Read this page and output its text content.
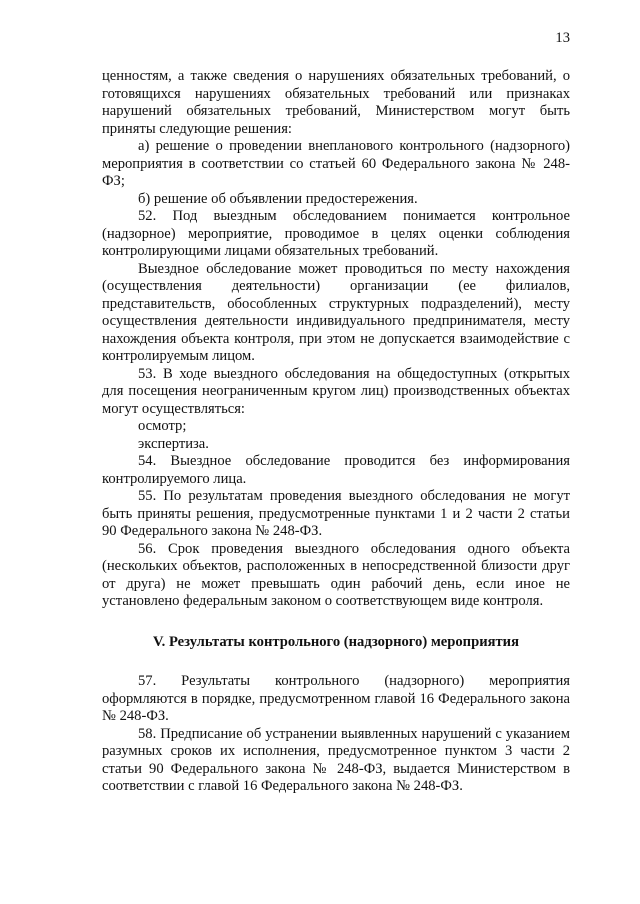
13

ценностям, а также сведения о нарушениях обязательных требований, о готовящихся нарушениях обязательных требований или признаках нарушений обязательных требований, Министерством могут быть приняты следующие решения:

а) решение о проведении внепланового контрольного (надзорного) мероприятия в соответствии со статьей 60 Федерального закона № 248-ФЗ;

б) решение об объявлении предостережения.

52. Под выездным обследованием понимается контрольное (надзорное) мероприятие, проводимое в целях оценки соблюдения контролирующими лицами обязательных требований.

Выездное обследование может проводиться по месту нахождения (осуществления деятельности) организации (ее филиалов, представительств, обособленных структурных подразделений), месту осуществления деятельности индивидуального предпринимателя, месту нахождения объекта контроля, при этом не допускается взаимодействие с контролируемым лицом.

53. В ходе выездного обследования на общедоступных (открытых для посещения неограниченным кругом лиц) производственных объектах могут осуществляться:

осмотр;

экспертиза.

54. Выездное обследование проводится без информирования контролируемого лица.

55. По результатам проведения выездного обследования не могут быть приняты решения, предусмотренные пунктами 1 и 2 части 2 статьи 90 Федерального закона № 248-ФЗ.

56. Срок проведения выездного обследования одного объекта (нескольких объектов, расположенных в непосредственной близости друг от друга) не может превышать один рабочий день, если иное не установлено федеральным законом о соответствующем виде контроля.

V. Результаты контрольного (надзорного) мероприятия

57. Результаты контрольного (надзорного) мероприятия оформляются в порядке, предусмотренном главой 16 Федерального закона № 248-ФЗ.

58. Предписание об устранении выявленных нарушений с указанием разумных сроков их исполнения, предусмотренное пунктом 3 части 2 статьи 90 Федерального закона № 248-ФЗ, выдается Министерством в соответствии с главой 16 Федерального закона № 248-ФЗ.
